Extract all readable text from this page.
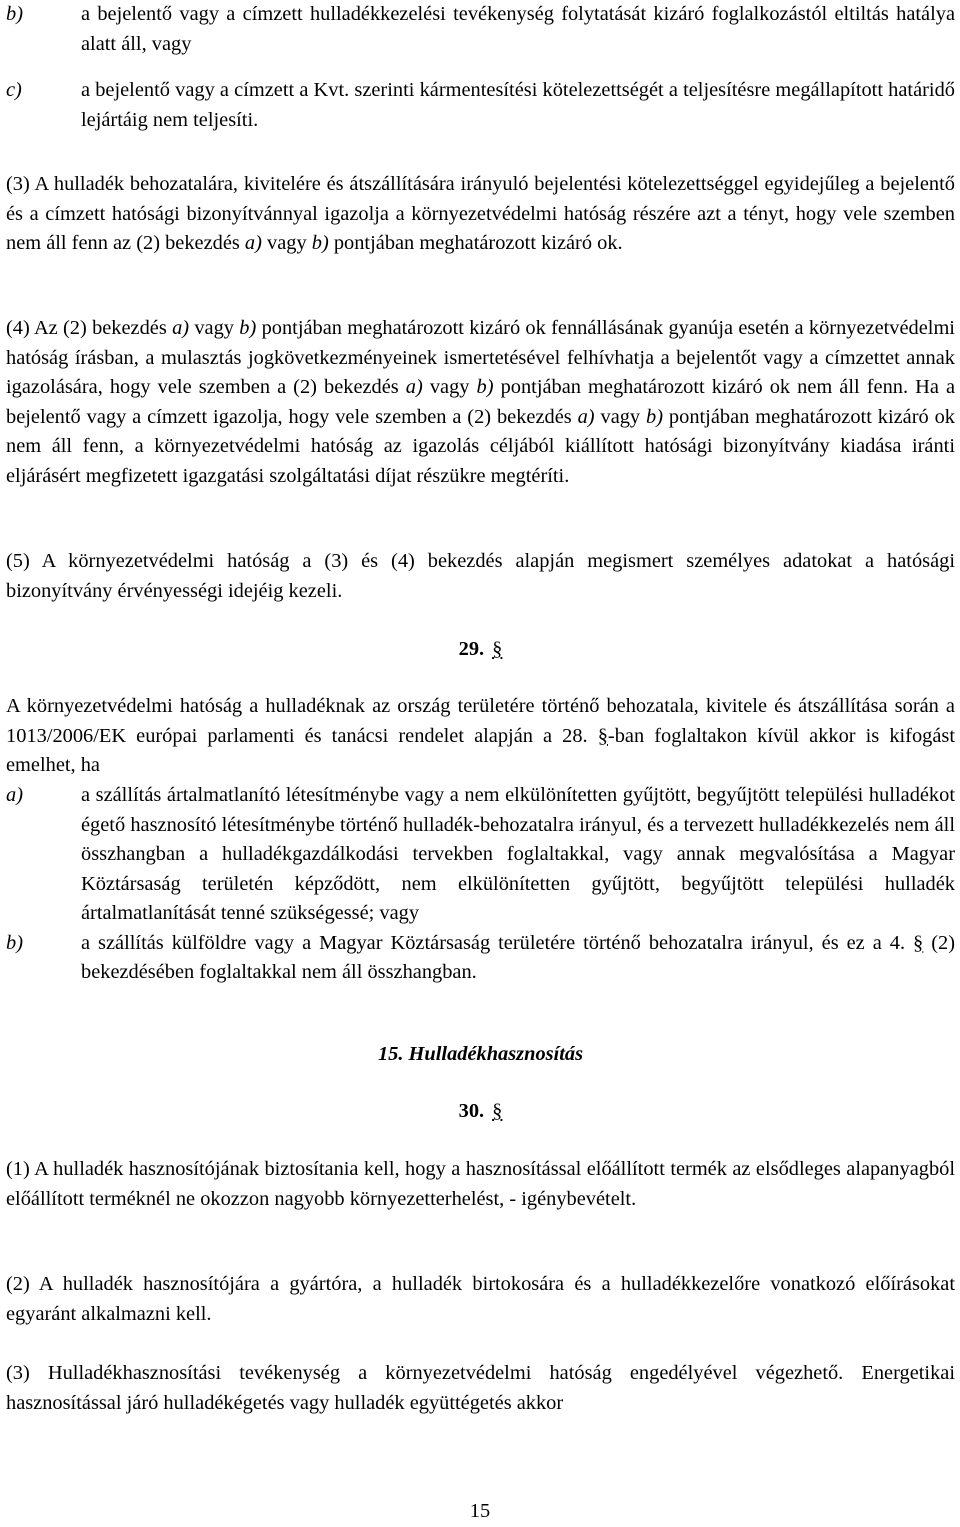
b)	a bejelentő vagy a címzett hulladékkezelési tevékenység folytatását kizáró foglalkozástól eltiltás hatálya alatt áll, vagy
c)	a bejelentő vagy a címzett a Kvt. szerinti kármentesítési kötelezettségét a teljesítésre megállapított határidő lejártáig nem teljesíti.

(3) A hulladék behozatalára, kivitelére és átszállítására irányuló bejelentési kötelezettséggel egyidejűleg a bejelentő és a címzett hatósági bizonyítvánnyal igazolja a környezetvédelmi hatóság részére azt a tényt, hogy vele szemben nem áll fenn az (2) bekezdés a) vagy b) pontjában meghatározott kizáró ok.

(4) Az (2) bekezdés a) vagy b) pontjában meghatározott kizáró ok fennállásának gyanúja esetén a környezetvédelmi hatóság írásban, a mulasztás jogkövetkezményeinek ismertetésével felhívhatja a bejelentőt vagy a címzettet annak igazolására, hogy vele szemben a (2) bekezdés a) vagy b) pontjában meghatározott kizáró ok nem áll fenn. Ha a bejelentő vagy a címzett igazolja, hogy vele szemben a (2) bekezdés a) vagy b) pontjában meghatározott kizáró ok nem áll fenn, a környezetvédelmi hatóság az igazolás céljából kiállított hatósági bizonyítvány kiadása iránti eljárásért megfizetett igazgatási szolgáltatási díjat részükre megtéríti.

(5) A környezetvédelmi hatóság a (3) és (4) bekezdés alapján megismert személyes adatokat a hatósági bizonyítvány érvényességi idejéig kezeli.

29. §

A környezetvédelmi hatóság a hulladéknak az ország területére történő behozatala, kivitele és átszállítása során a 1013/2006/EK európai parlamenti és tanácsi rendelet alapján a 28. §-ban foglaltakon kívül akkor is kifogást emelhet, ha

a)	a szállítás ártalmatlanító létesítménybe vagy a nem elkülönítetten gyűjtött, begyűjtött települési hulladékot égető hasznosító létesítménybe történő hulladék-behozatalra irányul, és a tervezett hulladékkezelés nem áll összhangban a hulladékgazdálkodási tervekben foglaltakkal, vagy annak megvalósítása a Magyar Köztársaság területén képződött, nem elkülönítetten gyűjtött, begyűjtött települési hulladék ártalmatlanítását tenné szükségessé; vagy
b)	a szállítás külföldre vagy a Magyar Köztársaság területére történő behozatalra irányul, és ez a 4. § (2) bekezdésében foglaltakkal nem áll összhangban.
15. Hulladékhasznosítás
30. §

(1) A hulladék hasznosítójának biztosítania kell, hogy a hasznosítással előállított termék az elsődleges alapanyagból előállított terméknél ne okozzon nagyobb környezetterhelést, - igénybevételt.

(2) A hulladék hasznosítójára a gyártóra, a hulladék birtokosára és a hulladékkezelőre vonatkozó előírásokat egyaránt alkalmazni kell.

(3) Hulladékhasznosítási tevékenység a környezetvédelmi hatóság engedélyével végezhető. Energetikai hasznosítással járó hulladékégetés vagy hulladék együttégetés akkor

15
